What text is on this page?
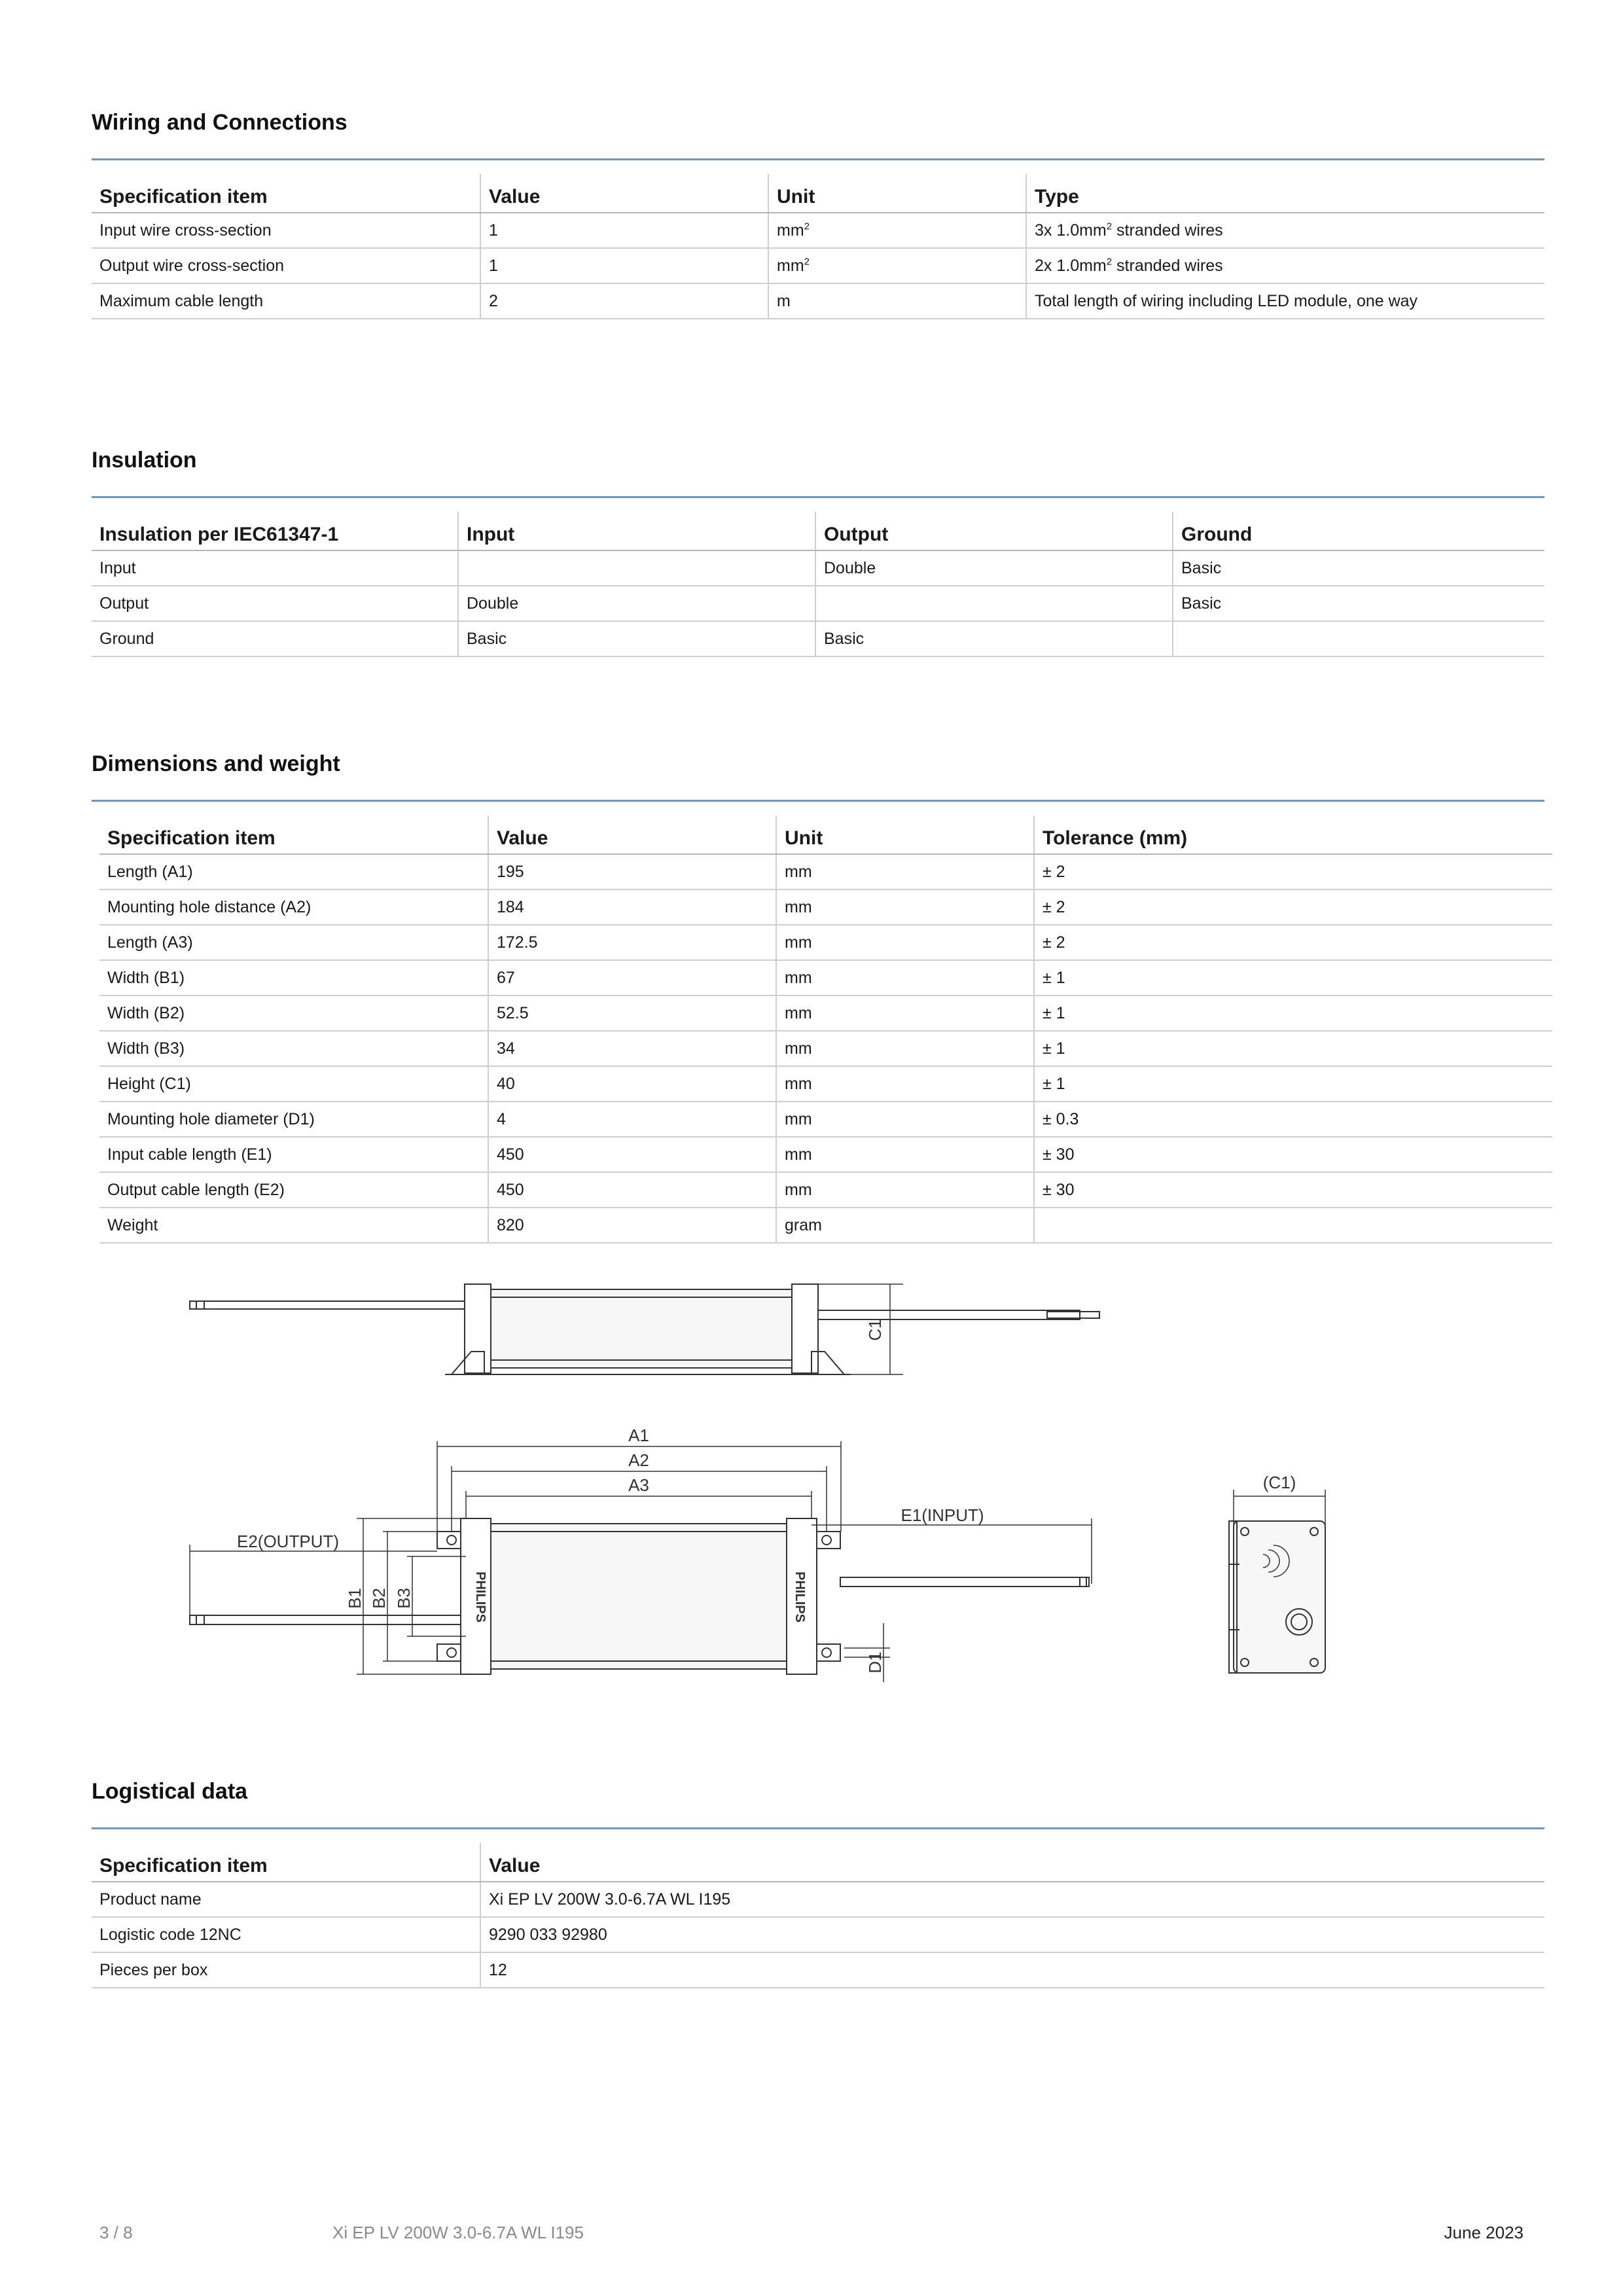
Wiring and Connections
Specification item	Value	Unit	Type
Input wire cross-section	1	$mm^2$	3x $1.0mm^2$ stranded wires
Output wire cross-section	1	$mm^2$	2x $1.0mm^2$ stranded wires
Maximum cable length	2	m	Total length of wiring including LED module, one way
Insulation
Insulation per IEC61347-1	Input	Output	Ground
Input		Double	Basic
Output	Double		Basic
Ground	Basic	Basic	
Dimensions and weight
Specification item	Value	Unit	Tolerance (mm)
Length (A1)	195	mm	± 2
Mounting hole distance (A2)	184	mm	± 2
Length (A3)	172.5	mm	± 2
Width (B1)	67	mm	± 1
Width (B2)	52.5	mm	± 1
Width (B3)	34	mm	± 1
Height (C1)	40	mm	± 1
Mounting hole diameter (D1)	4	mm	± 0.3
Input cable length (E1)	450	mm	± 30
Output cable length (E2)	450	mm	± 30
Weight	820	gram	
A1
A2
A3
E1(INPUT)
E2(OUTPUT)
(C1)
C1
B1 B2 B3
D1
PHILIPS	PHILIPS
Logistical data
Specification item	Value
Product name	Xi EP LV 200W 3.0-6.7A WL I195
Logistic code 12NC	9290 033 92980
Pieces per box	12
3 / 8	Xi EP LV 200W 3.0-6.7A WL I195	June 2023
